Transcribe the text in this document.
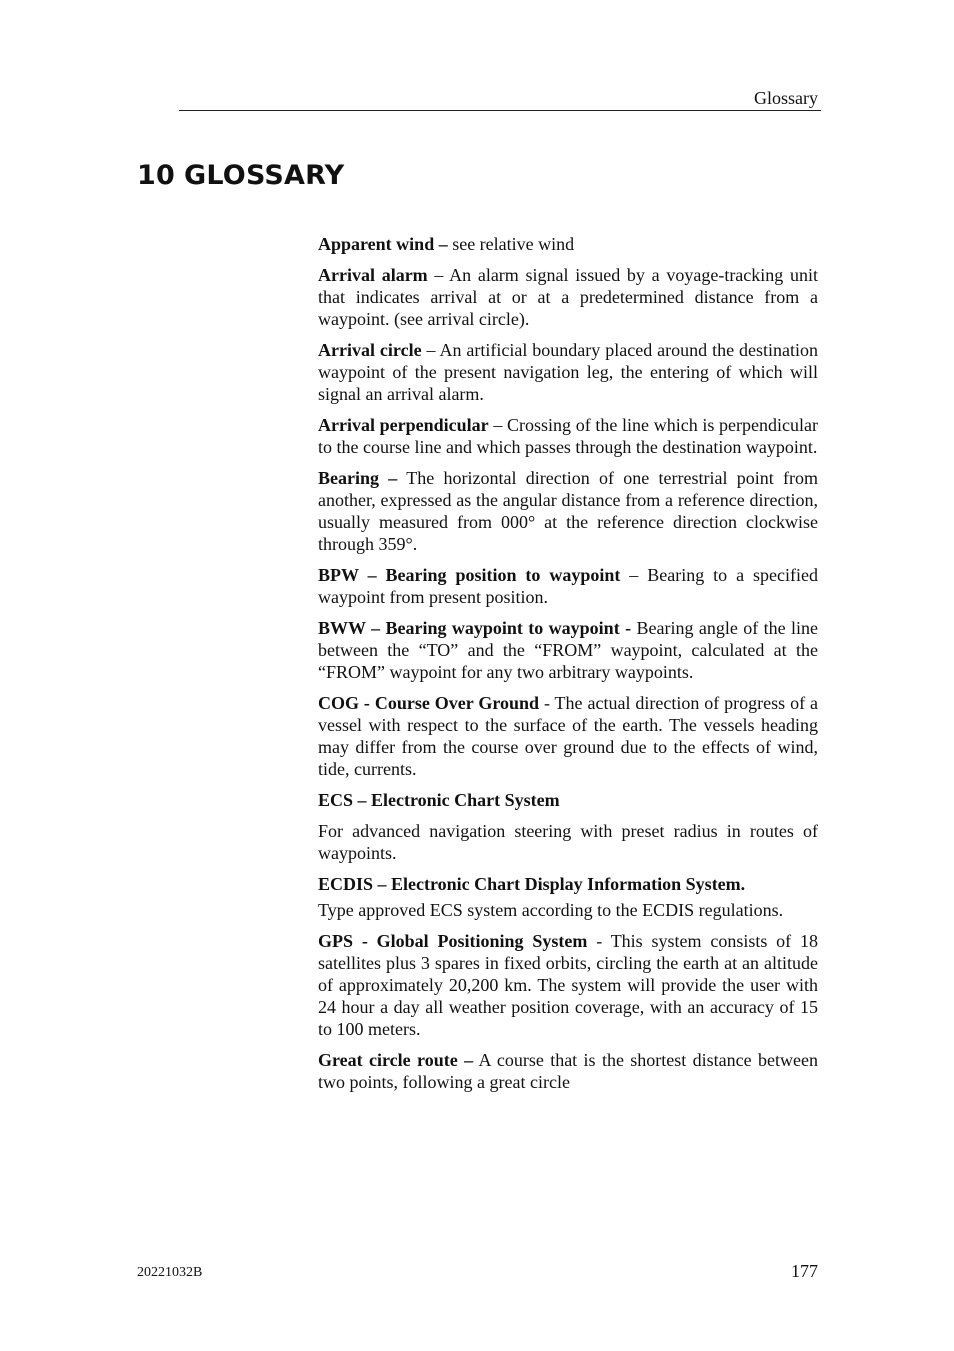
Glossary
10 GLOSSARY

Apparent wind – see relative wind

Arrival alarm – An alarm signal issued by a voyage-tracking unit that indicates arrival at or at a predetermined distance from a waypoint. (see arrival circle).

Arrival circle – An artificial boundary placed around the destination waypoint of the present navigation leg, the entering of which will signal an arrival alarm.

Arrival perpendicular – Crossing of the line which is perpendicular to the course line and which passes through the destination waypoint.

Bearing – The horizontal direction of one terrestrial point from another, expressed as the angular distance from a reference direction, usually measured from 000° at the reference direction clockwise through 359°.

BPW – Bearing position to waypoint – Bearing to a specified waypoint from present position.

BWW – Bearing waypoint to waypoint - Bearing angle of the line between the “TO” and the “FROM” waypoint, calculated at the “FROM” waypoint for any two arbitrary waypoints.

COG - Course Over Ground - The actual direction of progress of a vessel with respect to the surface of the earth. The vessels heading may differ from the course over ground due to the effects of wind, tide, currents.

ECS – Electronic Chart System

For advanced navigation steering with preset radius in routes of waypoints.

ECDIS – Electronic Chart Display Information System.

Type approved ECS system according to the ECDIS regulations.

GPS - Global Positioning System - This system consists of 18 satellites plus 3 spares in fixed orbits, circling the earth at an altitude of approximately 20,200 km. The system will provide the user with 24 hour a day all weather position coverage, with an accuracy of 15 to 100 meters.

Great circle route – A course that is the shortest distance between two points, following a great circle

20221032B	177
